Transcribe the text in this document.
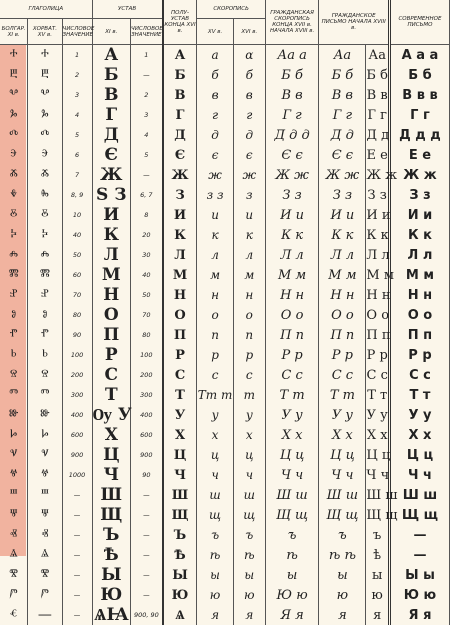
ГЛАГОЛИЦА			УСТАВ		ПОЛУ-УСТАВ КОНЦА XVI в.	СКОРОПИСЬ		ГРАЖДАНСКАЯ СКОРОПИСЬ КОНЦА XVII в. НАЧАЛА XVIII в.	ГРАЖДАНСКОЕ ПИСЬМО НАЧАЛА XVIII в.		СОВРЕМЕННОЕ ПИСЬМО
БОЛГАР. XI в.	ХОРВАТ. XV в.	ЧИСЛОВОЕ ЗНАЧЕНИЕ	XI в.	ЧИСЛОВОЕ ЗНАЧЕНИЕ		XV в.	XVI в.				
ⰰ	ⰰ	1	А	1	А	а	α	Аа а	Аа	Аа	А а а
ⰱ	ⰱ	2	Б	—	Б	б	б	Б б	Б б	Б б	Б б
ⰲ	ⰲ	3	В	2	В	в	в	В в	В в	В в	В в в
ⰳ	ⰳ	4	Г	3	Г	г	г	Г г	Г г	Г г	Г г
ⰴ	ⰴ	5	Д	4	Д	д	д	Д д д	Д д	Д д	Д д д
ⰵ	ⰵ	6	Є	5	Є	є	є	Є є	Є є	Е е	Е е
ⰶ	ⰶ	7	Ж	—	Ж	ж	ж	Ж ж	Ж ж	Ж ж	Ж ж
ⰷ	ⰸ	8, 9	Ѕ З	6, 7	З	з з	з	З з	З з	З з	З з
ⰻ	ⰻ	10	И	8	И	и	и	И и	И и	И и	И и
ⰽ	ⰽ	40	К	20	К	к	к	К к	К к	К к	К к
ⰾ	ⰾ	50	Л	30	Л	л	л	Л л	Л л	Л л	Л л
ⰿ	ⰿ	60	М	40	М	м	м	М м	М м	М м	М м
ⱀ	ⱀ	70	Н	50	Н	н	н	Н н	Н н	Н н	Н н
ⱁ	ⱁ	80	О	70	О	о	о	О о	О о	О о	О о
ⱂ	ⱂ	90	П	80	П	п	п	П п	П п	П п	П п
ⱃ	ⱃ	100	Р	100	Р	р	р	Р р	Р р	Р р	Р р
ⱄ	ⱄ	200	С	200	С	с	с	С с	С с	С с	С с
ⱅ	ⱅ	300	Т	300	Т	Тт т	т	Т т	Т т	Т т	Т т
ⱆ	ⱆ	400	Ѹ У	400	У	у	у	У у	У у	У у	У у
ⱈ	ⱈ	600	Х	600	Х	х	х	Х х	Х х	Х х	Х х
ⱌ	ⱌ	900	Ц	900	Ц	ц	ц	Ц ц	Ц ц	Ц ц	Ц ц
ⱍ	ⱍ	1000	Ч	90	Ч	ч	ч	Ч ч	Ч ч	Ч ч	Ч ч
ⱎ	ⱎ	—	Ш	—	Ш	ш	ш	Ш ш	Ш ш	Ш ш	Ш ш
ⱋ	ⱋ	—	Щ	—	Щ	щ	щ	Щ щ	Щ щ	Щ щ	Щ щ
ⱏ	ⱏ	—	Ъ	—	Ъ	ъ	ъ	ъ	ъ	ъ	—
ⱑ	ⱑ	—	Ѣ	—	Ѣ	ѣ	ѣ	ѣ	ѣ ѣ	ѣ	—
ⰺ	ⰺ	—	Ы	—	Ы	ы	ы	ы	ы	ы	Ы ы
ⱓ	ⱓ	—	Ю	—	Ю	ю	ю	Ю ю	ю	ю	Ю ю
ⱔ	—	—	ѦꙖ	900, 90	Ѧ	я	я	Я я	я	я	Я я
